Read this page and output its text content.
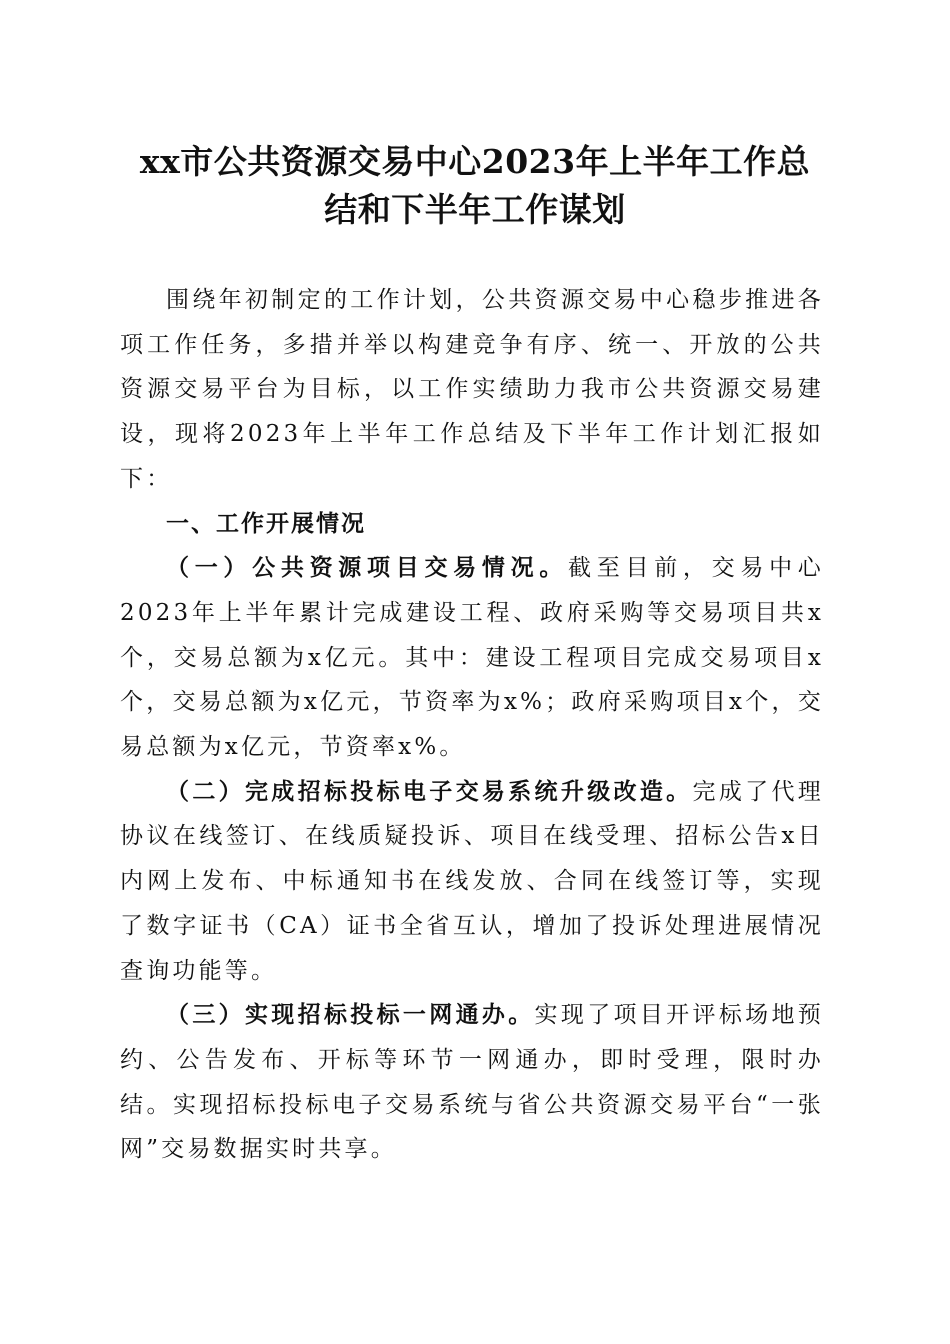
xx市公共资源交易中心2023年上半年工作总
结和下半年工作谋划

围绕年初制定的工作计划，公共资源交易中心稳步推进各项工作任务，多措并举以构建竞争有序、统一、开放的公共资源交易平台为目标，以工作实绩助力我市公共资源交易建设，现将2023年上半年工作总结及下半年工作计划汇报如下：

一、工作开展情况

（一）公共资源项目交易情况。截至目前，交易中心2023年上半年累计完成建设工程、政府采购等交易项目共x个，交易总额为x亿元。其中：建设工程项目完成交易项目x个，交易总额为x亿元，节资率为x%；政府采购项目x个，交易总额为x亿元，节资率x%。

（二）完成招标投标电子交易系统升级改造。完成了代理协议在线签订、在线质疑投诉、项目在线受理、招标公告x日内网上发布、中标通知书在线发放、合同在线签订等，实现了数字证书（CA）证书全省互认，增加了投诉处理进展情况查询功能等。

（三）实现招标投标一网通办。实现了项目开评标场地预约、公告发布、开标等环节一网通办，即时受理，限时办结。实现招标投标电子交易系统与省公共资源交易平台“一张网”交易数据实时共享。
